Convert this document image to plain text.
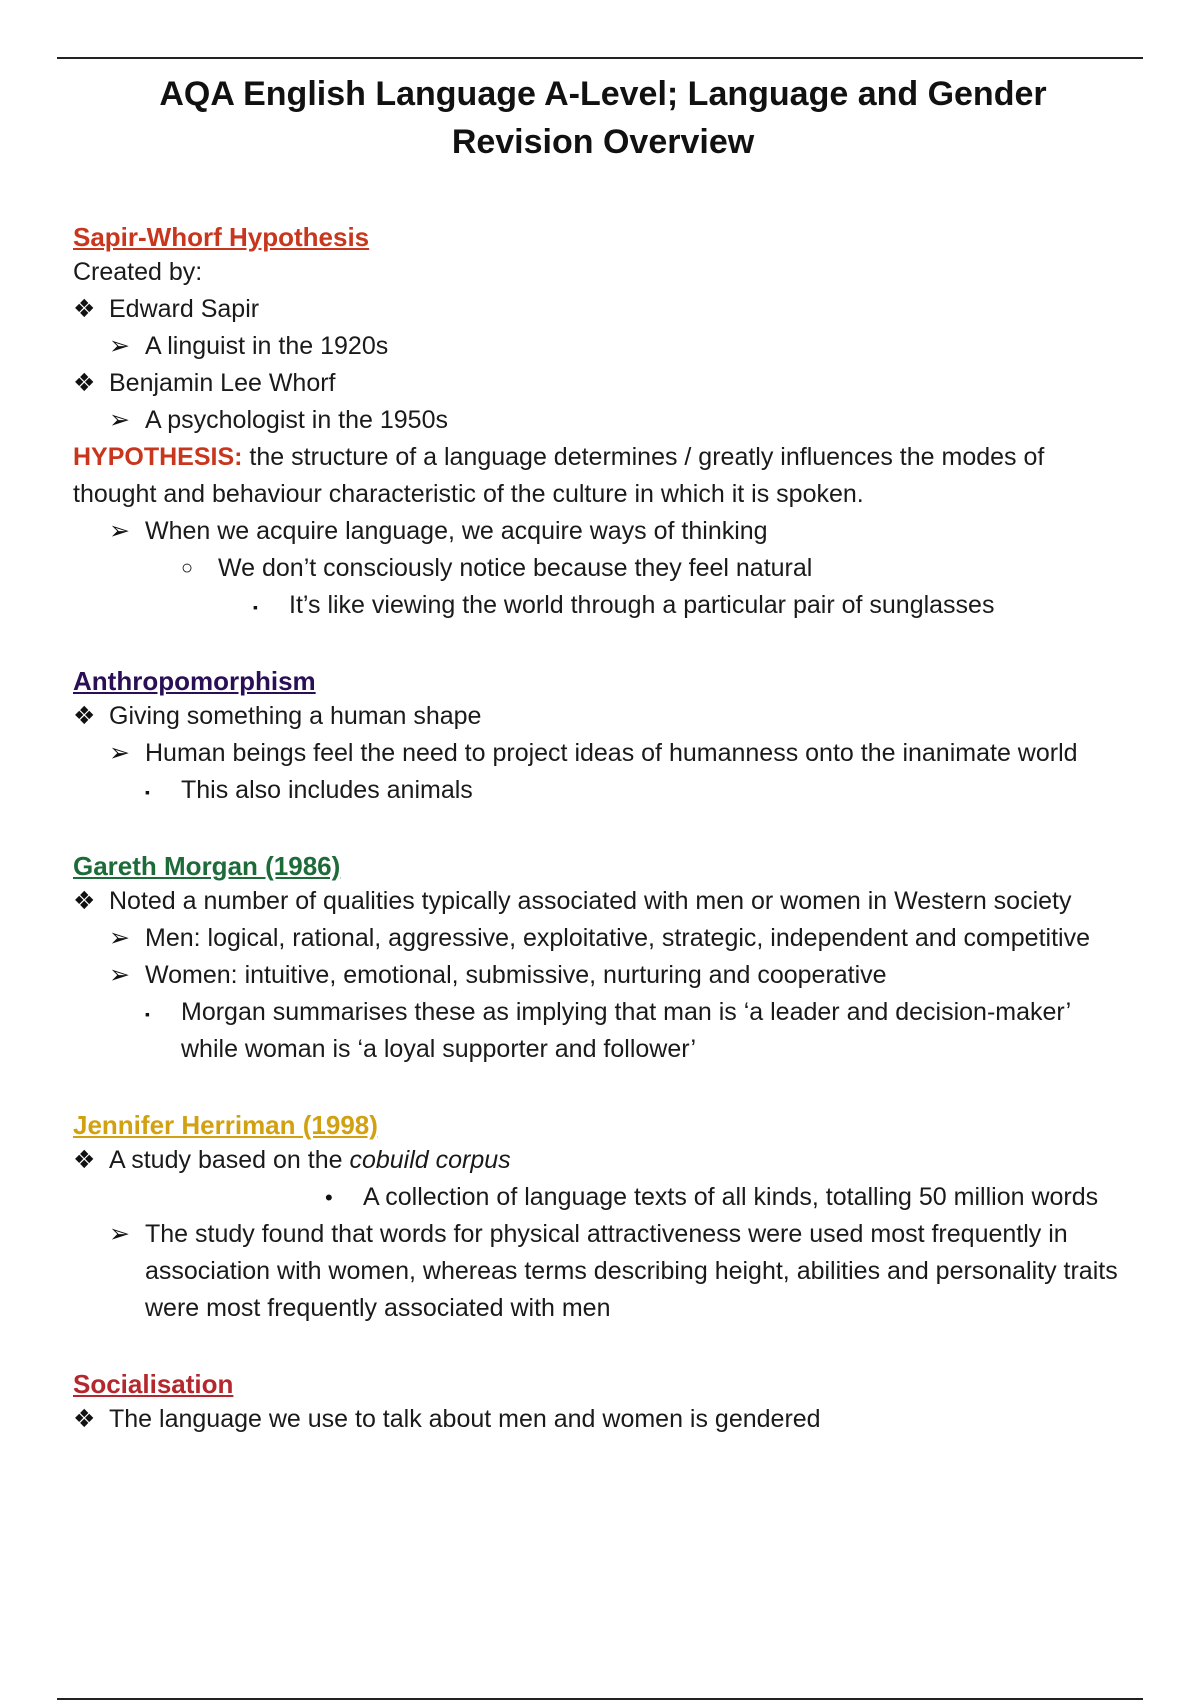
AQA English Language A-Level; Language and Gender
Revision Overview
Sapir-Whorf Hypothesis
Created by:
❖ Edward Sapir
➢ A linguist in the 1920s
❖ Benjamin Lee Whorf
➢ A psychologist in the 1950s
HYPOTHESIS: the structure of a language determines / greatly influences the modes of thought and behaviour characteristic of the culture in which it is spoken.
➢ When we acquire language, we acquire ways of thinking
○ We don’t consciously notice because they feel natural
▪	It’s like viewing the world through a particular pair of sunglasses
Anthropomorphism
❖ Giving something a human shape
➢ Human beings feel the need to project ideas of humanness onto the inanimate world
▪	This also includes animals
Gareth Morgan (1986)
❖ Noted a number of qualities typically associated with men or women in Western society
➢ Men: logical, rational, aggressive, exploitative, strategic, independent and competitive
➢ Women: intuitive, emotional, submissive, nurturing and cooperative
▪	Morgan summarises these as implying that man is ‘a leader and decision-maker’ while woman is ‘a loyal supporter and follower’
Jennifer Herriman (1998)
❖ A study based on the cobuild corpus
•	A collection of language texts of all kinds, totalling 50 million words
➢ The study found that words for physical attractiveness were used most frequently in association with women, whereas terms describing height, abilities and personality traits were most frequently associated with men
Socialisation
❖ The language we use to talk about men and women is gendered
